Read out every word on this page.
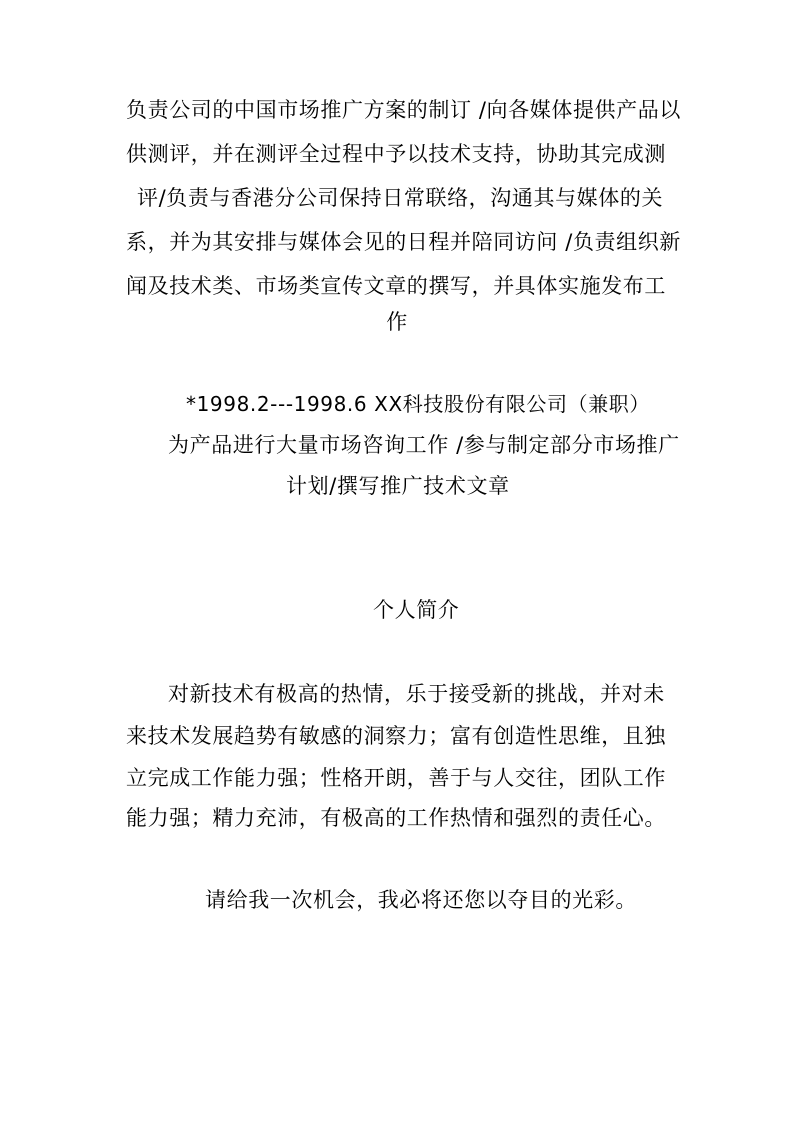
负责公司的中国市场推广方案的制订 /向各媒体提供产品以
供测评，并在测评全过程中予以技术支持，协助其完成测
评/负责与香港分公司保持日常联络，沟通其与媒体的关
系，并为其安排与媒体会见的日程并陪同访问 /负责组织新
闻及技术类、市场类宣传文章的撰写，并具体实施发布工
作
*1998.2---1998.6 XX科技股份有限公司（兼职）
为产品进行大量市场咨询工作 /参与制定部分市场推广
计划/撰写推广技术文章
个人简介
对新技术有极高的热情，乐于接受新的挑战，并对未
来技术发展趋势有敏感的洞察力；富有创造性思维，且独
立完成工作能力强；性格开朗，善于与人交往，团队工作
能力强；精力充沛，有极高的工作热情和强烈的责任心。
请给我一次机会，我必将还您以夺目的光彩。
